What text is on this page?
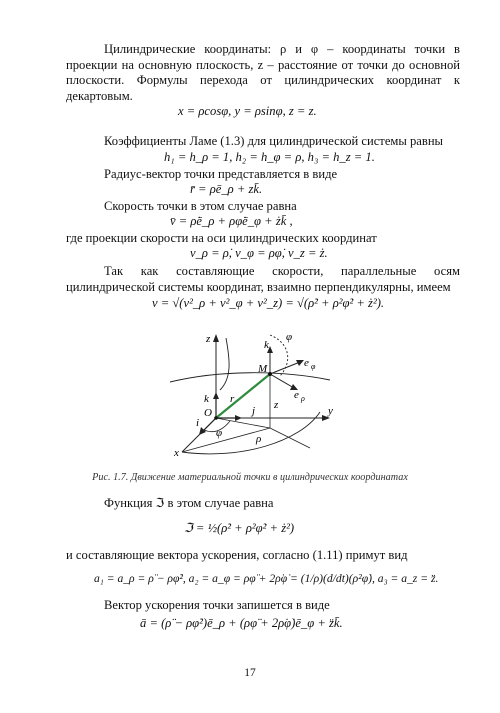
Цилиндрические координаты: ρ и φ – координаты точки в проекции на основную плоскость, z – расстояние от точки до основной плоскости. Формулы перехода от цилиндрических координат к декартовым.

x = ρcosφ, y = ρsinφ, z = z.

Коэффициенты Ламе (1.3) для цилиндрической системы равны

h₁ = h_ρ = 1, h₂ = h_φ = ρ, h₃ = h_z = 1.

Радиус-вектор точки представляется в виде

r̄ = ρē_ρ + zk̄.

Скорость точки в этом случае равна

v̄ = ρ̇ē_ρ + ρφ̇ē_φ + żk̄ ,

где проекции скорости на оси цилиндрических координат

v_ρ = ρ̇, v_φ = ρφ̇, v_z = ż.

Так как составляющие скорости, параллельные осям цилиндрической системы координат, взаимно перпендикулярны, имеем

v = √(v²_ρ + v²_φ + v²_z) = √(ρ̇² + ρ²φ̇² + ż²).
z	k
φ
M	e φ
e ρ
k r
j z
O	y
i
φ	ρ
x
Рис. 1.7. Движение материальной точки в цилиндрических координатах

Функция ℑ в этом случае равна

ℑ = ½(ρ̇² + ρ²φ̇² + ż²)

и составляющие вектора ускорения, согласно (1.11) примут вид

a₁ = a_ρ = ρ̈ − ρφ̇², a₂ = a_φ = ρφ̈ + 2ρ̇φ̇ = (1/ρ)(d/dt)(ρ²φ̇), a₃ = a_z = z̈.

Вектор ускорения точки запишется в виде

ā = (ρ̈ − ρφ̇²)ē_ρ + (ρφ̈ + 2ρ̇φ̇)ē_φ + z̈k̄.
17
